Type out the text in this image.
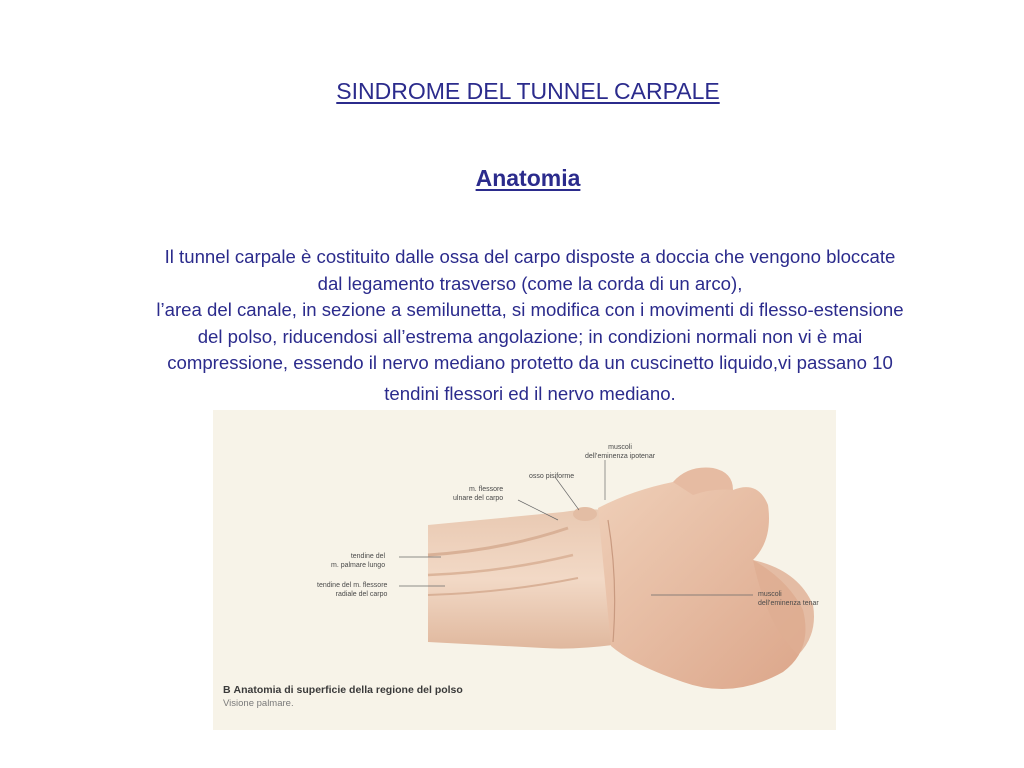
SINDROME DEL TUNNEL CARPALE
Anatomia
Il tunnel carpale è costituito dalle ossa del carpo disposte a doccia che vengono bloccate
dal legamento trasverso (come la corda di un arco),
l’area del canale, in sezione a semilunetta, si modifica con i movimenti di flesso-estensione
del polso, riducendosi all’estrema angolazione; in condizioni normali non vi è mai
compressione, essendo il nervo mediano protetto da un cuscinetto liquido,vi passano 10
tendini flessori ed il nervo mediano.
muscoli
dell’eminenza ipotenar
osso pisiforme
m. flessore
ulnare del carpo
tendine del
m. palmare lungo
tendine del m. flessore
radiale del carpo	muscoli
dell’eminenza tenar
B Anatomia di superficie della regione del polso
Visione palmare.
